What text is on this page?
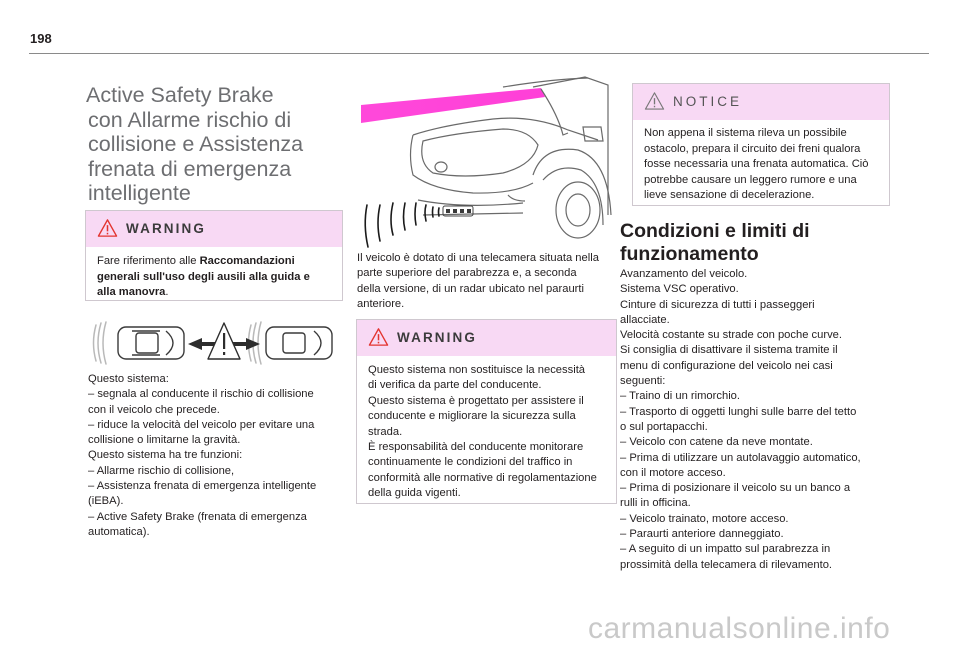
198
Active Safety Brake
con Allarme rischio di
collisione e Assistenza
frenata di emergenza
intelligente
WARNING
Fare riferimento alle Raccomandazioni
generali sull'uso degli ausili alla guida e
alla manovra.
Questo sistema:
– segnala al conducente il rischio di collisione
con il veicolo che precede.
– riduce la velocità del veicolo per evitare una
collisione o limitarne la gravità.
Questo sistema ha tre funzioni:
– Allarme rischio di collisione,
– Assistenza frenata di emergenza intelligente
(iEBA).
– Active Safety Brake (frenata di emergenza
automatica).
Il veicolo è dotato di una telecamera situata nella
parte superiore del parabrezza e, a seconda
della versione, di un radar ubicato nel paraurti
anteriore.
WARNING
Questo sistema non sostituisce la necessità
di verifica da parte del conducente.
Questo sistema è progettato per assistere il
conducente e migliorare la sicurezza sulla
strada.
È responsabilità del conducente monitorare
continuamente le condizioni del traffico in
conformità alle normative di regolamentazione
della guida vigenti.
NOTICE
Non appena il sistema rileva un possibile
ostacolo, prepara il circuito dei freni qualora
fosse necessaria una frenata automatica. Ciò
potrebbe causare un leggero rumore e una
lieve sensazione di decelerazione.
Condizioni e limiti di
funzionamento
Avanzamento del veicolo.
Sistema VSC operativo.
Cinture di sicurezza di tutti i passeggeri
allacciate.
Velocità costante su strade con poche curve.
Si consiglia di disattivare il sistema tramite il
menu di configurazione del veicolo nei casi
seguenti:
– Traino di un rimorchio.
– Trasporto di oggetti lunghi sulle barre del tetto
o sul portapacchi.
– Veicolo con catene da neve montate.
– Prima di utilizzare un autolavaggio automatico,
con il motore acceso.
– Prima di posizionare il veicolo su un banco a
rulli in officina.
– Veicolo trainato, motore acceso.
– Paraurti anteriore danneggiato.
– A seguito di un impatto sul parabrezza in
prossimità della telecamera di rilevamento.
carmanualsonline.info
